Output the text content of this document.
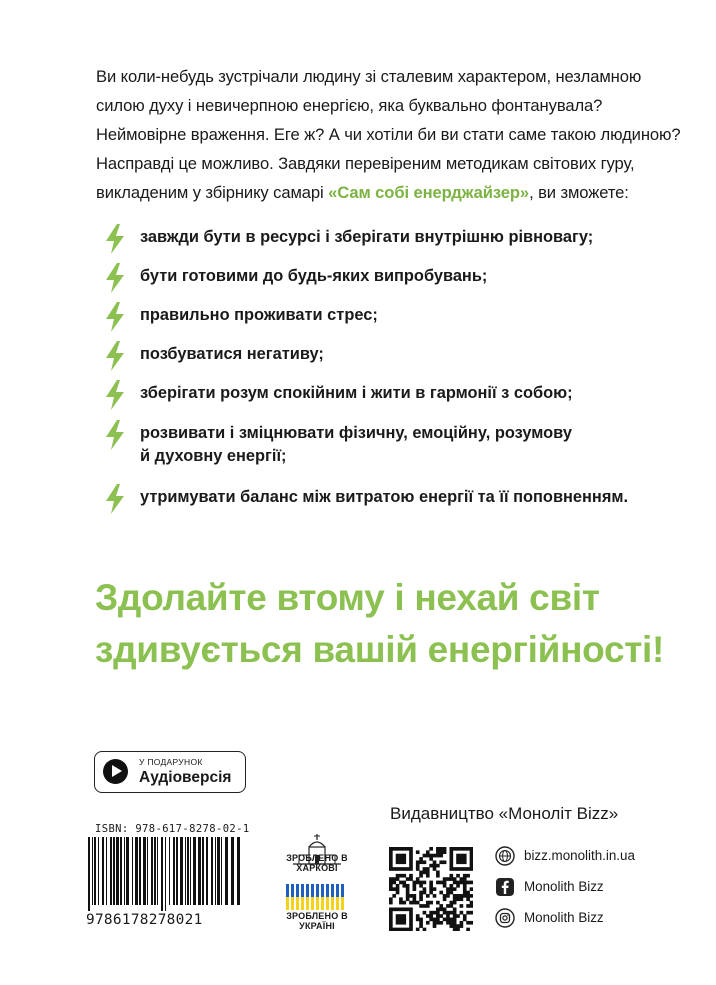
Ви коли-небудь зустрічали людину зі сталевим характером, незламною
силою духу і невичерпною енергією, яка буквально фонтанувала?
Неймовірне враження. Еге ж? А чи хотіли би ви стати саме такою людиною?
Насправді це можливо. Завдяки перевіреним методикам світових гуру,
викладеним у збірнику самарі «Сам собі енерджайзер», ви зможете:
завжди бути в ресурсі і зберігати внутрішню рівновагу;
бути готовими до будь-яких випробувань;
правильно проживати стрес;
позбуватися негативу;
зберігати розум спокійним і жити в гармонії з собою;
розвивати і зміцнювати фізичну, емоційну, розумову
й духовну енергії;
утримувати баланс між витратою енергії та її поповненням.
Здолайте втому і нехай світ
здивується вашій енергійності!
У ПОДАРУНОК
Аудіоверсія
ISBN: 978-617-8278-02-1
9786178278021
ЗРОБЛЕНО В ХАРКОВІ
ЗРОБЛЕНО В УКРАЇНІ
Видавництво «Моноліт Bizz»
bizz.monolith.in.ua
Monolith Bizz
Monolith Bizz
